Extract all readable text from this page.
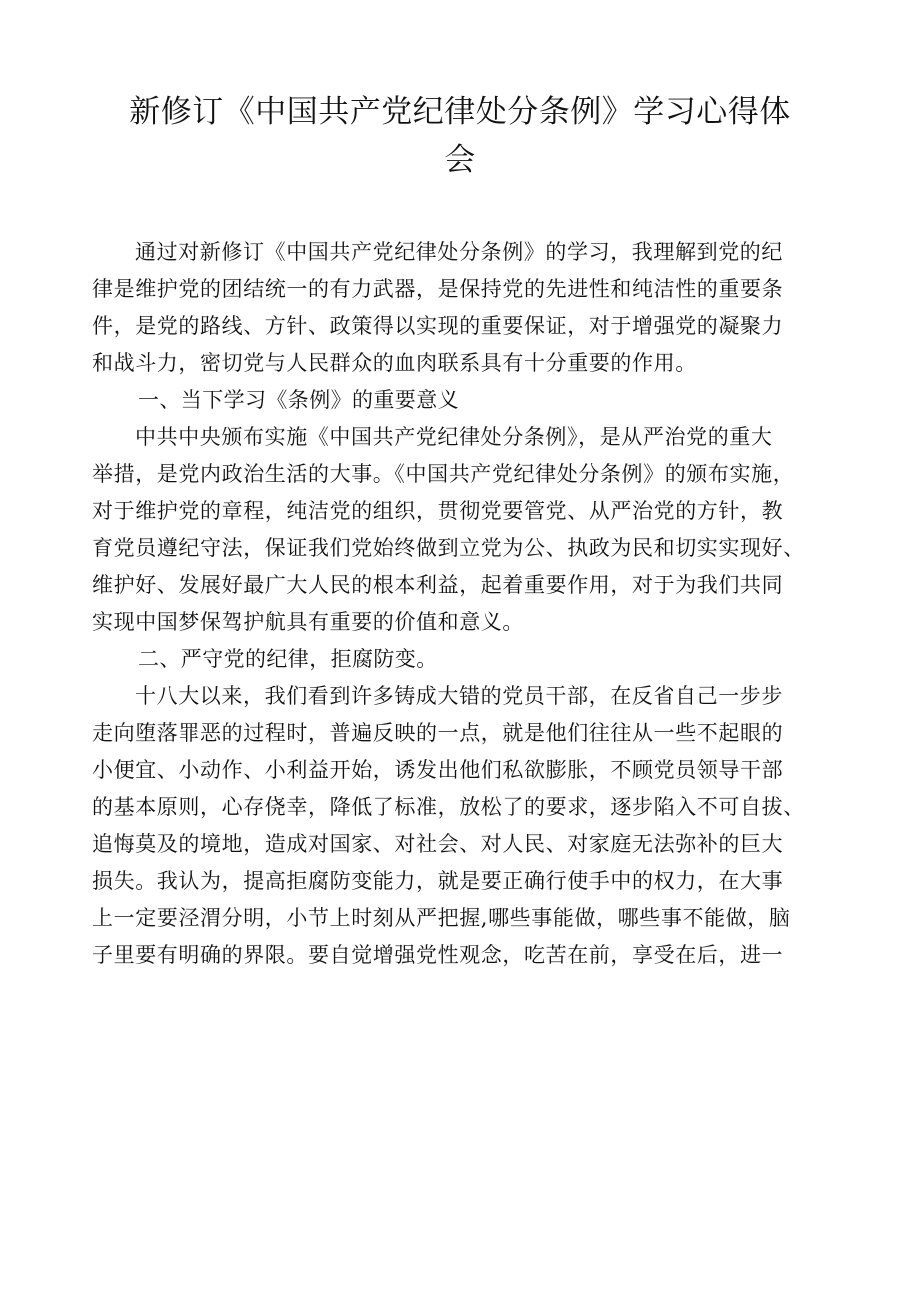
新修订《中国共产党纪律处分条例》学习心得体
会
通过对新修订《中国共产党纪律处分条例》的学习，我理解到党的纪
律是维护党的团结统一的有力武器，是保持党的先进性和纯洁性的重要条
件，是党的路线、方针、政策得以实现的重要保证，对于增强党的凝聚力
和战斗力，密切党与人民群众的血肉联系具有十分重要的作用。
一、当下学习《条例》的重要意义
中共中央颁布实施《中国共产党纪律处分条例》，是从严治党的重大
举措，是党内政治生活的大事。《中国共产党纪律处分条例》的颁布实施，
对于维护党的章程，纯洁党的组织，贯彻党要管党、从严治党的方针，教
育党员遵纪守法，保证我们党始终做到立党为公、执政为民和切实实现好、
维护好、发展好最广大人民的根本利益，起着重要作用，对于为我们共同
实现中国梦保驾护航具有重要的价值和意义。
二、严守党的纪律，拒腐防变。
十八大以来，我们看到许多铸成大错的党员干部，在反省自己一步步
走向堕落罪恶的过程时，普遍反映的一点，就是他们往往从一些不起眼的
小便宜、小动作、小利益开始，诱发出他们私欲膨胀，不顾党员领导干部
的基本原则，心存侥幸，降低了标准，放松了的要求，逐步陷入不可自拔、
追悔莫及的境地，造成对国家、对社会、对人民、对家庭无法弥补的巨大
损失。我认为，提高拒腐防变能力，就是要正确行使手中的权力，在大事
上一定要泾渭分明，小节上时刻从严把握,哪些事能做，哪些事不能做，脑
子里要有明确的界限。要自觉增强党性观念，吃苦在前，享受在后，进一
